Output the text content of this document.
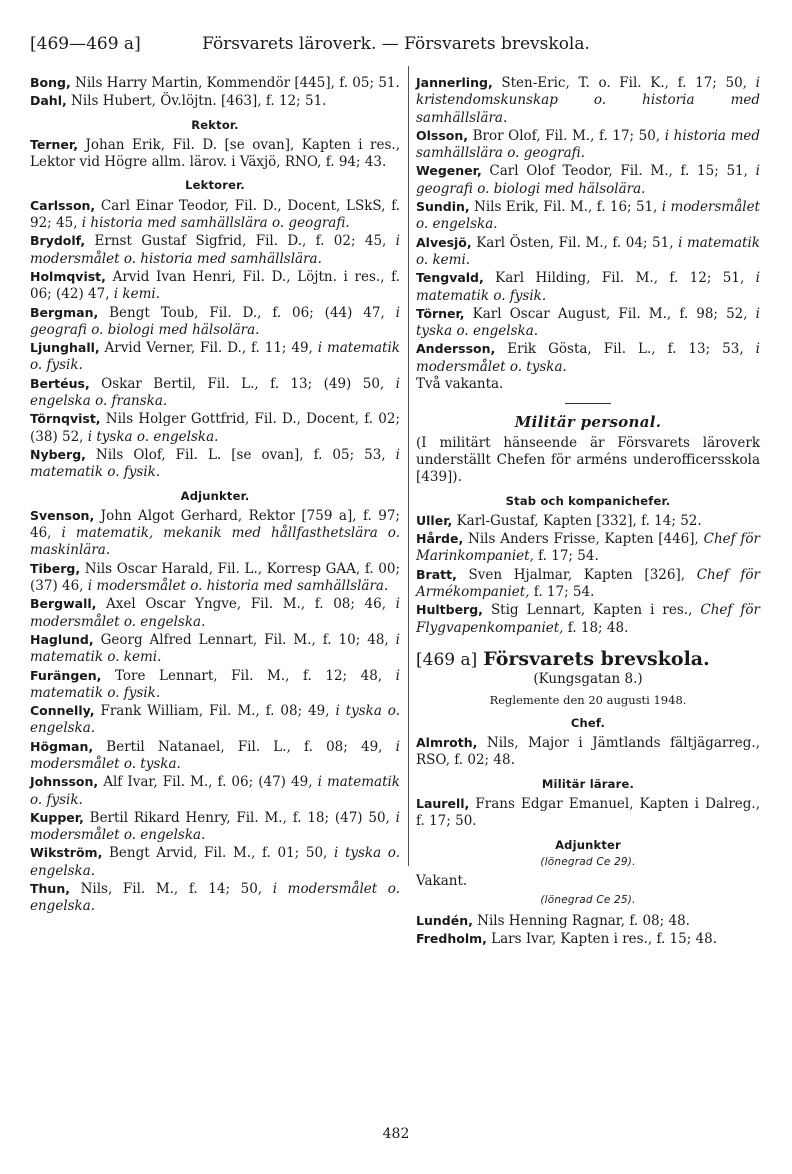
[469—469 a]	Försvarets läroverk. — Försvarets brevskola.
Bong, Nils Harry Martin, Kommendör [445], f. 05; 51.
Dahl, Nils Hubert, Öv.löjtn. [463], f. 12; 51.
Rektor.
Terner, Johan Erik, Fil. D. [se ovan], Kapten i res., Lektor vid Högre allm. lärov. i Växjö, RNO, f. 94; 43.
Lektorer.
Carlsson, Carl Einar Teodor, Fil. D., Docent, LSkS, f. 92; 45, i historia med samhällslära o. geografi.
Brydolf, Ernst Gustaf Sigfrid, Fil. D., f. 02; 45, i modersmålet o. historia med samhällslära.
Holmqvist, Arvid Ivan Henri, Fil. D., Löjtn. i res., f. 06; (42) 47, i kemi.
Bergman, Bengt Toub, Fil. D., f. 06; (44) 47, i geografi o. biologi med hälsolära.
Ljunghall, Arvid Verner, Fil. D., f. 11; 49, i matematik o. fysik.
Bertéus, Oskar Bertil, Fil. L., f. 13; (49) 50, i engelska o. franska.
Törnqvist, Nils Holger Gottfrid, Fil. D., Docent, f. 02; (38) 52, i tyska o. engelska.
Nyberg, Nils Olof, Fil. L. [se ovan], f. 05; 53, i matematik o. fysik.
Adjunkter.
Svenson, John Algot Gerhard, Rektor [759 a], f. 97; 46, i matematik, mekanik med hållfasthetslära o. maskinlära.
Tiberg, Nils Oscar Harald, Fil. L., Korresp GAA, f. 00; (37) 46, i modersmålet o. historia med samhällslära.
Bergwall, Axel Oscar Yngve, Fil. M., f. 08; 46, i modersmålet o. engelska.
Haglund, Georg Alfred Lennart, Fil. M., f. 10; 48, i matematik o. kemi.
Furängen, Tore Lennart, Fil. M., f. 12; 48, i matematik o. fysik.
Connelly, Frank William, Fil. M., f. 08; 49, i tyska o. engelska.
Högman, Bertil Natanael, Fil. L., f. 08; 49, i modersmålet o. tyska.
Johnsson, Alf Ivar, Fil. M., f. 06; (47) 49, i matematik o. fysik.
Kupper, Bertil Rikard Henry, Fil. M., f. 18; (47) 50, i modersmålet o. engelska.
Wikström, Bengt Arvid, Fil. M., f. 01; 50, i tyska o. engelska.
Thun, Nils, Fil. M., f. 14; 50, i modersmålet o. engelska.
Jannerling, Sten-Eric, T. o. Fil. K., f. 17; 50, i kristendomskunskap o. historia med samhällslära.
Olsson, Bror Olof, Fil. M., f. 17; 50, i historia med samhällslära o. geografi.
Wegener, Carl Olof Teodor, Fil. M., f. 15; 51, i geografi o. biologi med hälsolära.
Sundin, Nils Erik, Fil. M., f. 16; 51, i modersmålet o. engelska.
Alvesjö, Karl Östen, Fil. M., f. 04; 51, i matematik o. kemi.
Tengvald, Karl Hilding, Fil. M., f. 12; 51, i matematik o. fysik.
Törner, Karl Oscar August, Fil. M., f. 98; 52, i tyska o. engelska.
Andersson, Erik Gösta, Fil. L., f. 13; 53, i modersmålet o. tyska.
Två vakanta.
Militär personal.
(I militärt hänseende är Försvarets läroverk underställt Chefen för arméns underofficersskola [439]).
Stab och kompanichefer.
Uller, Karl-Gustaf, Kapten [332], f. 14; 52.
Hårde, Nils Anders Frisse, Kapten [446], Chef för Marinkompaniet, f. 17; 54.
Bratt, Sven Hjalmar, Kapten [326], Chef för Armékompaniet, f. 17; 54.
Hultberg, Stig Lennart, Kapten i res., Chef för Flygvapenkompaniet, f. 18; 48.
[469 a] Försvarets brevskola.
(Kungsgatan 8.)
Reglemente den 20 augusti 1948.
Chef.
Almroth, Nils, Major i Jämtlands fältjägarreg., RSO, f. 02; 48.
Militär lärare.
Laurell, Frans Edgar Emanuel, Kapten i Dalreg., f. 17; 50.
Adjunkter
(lönegrad Ce 29).
Vakant.
(lönegrad Ce 25).
Lundén, Nils Henning Ragnar, f. 08; 48.
Fredholm, Lars Ivar, Kapten i res., f. 15; 48.
482
